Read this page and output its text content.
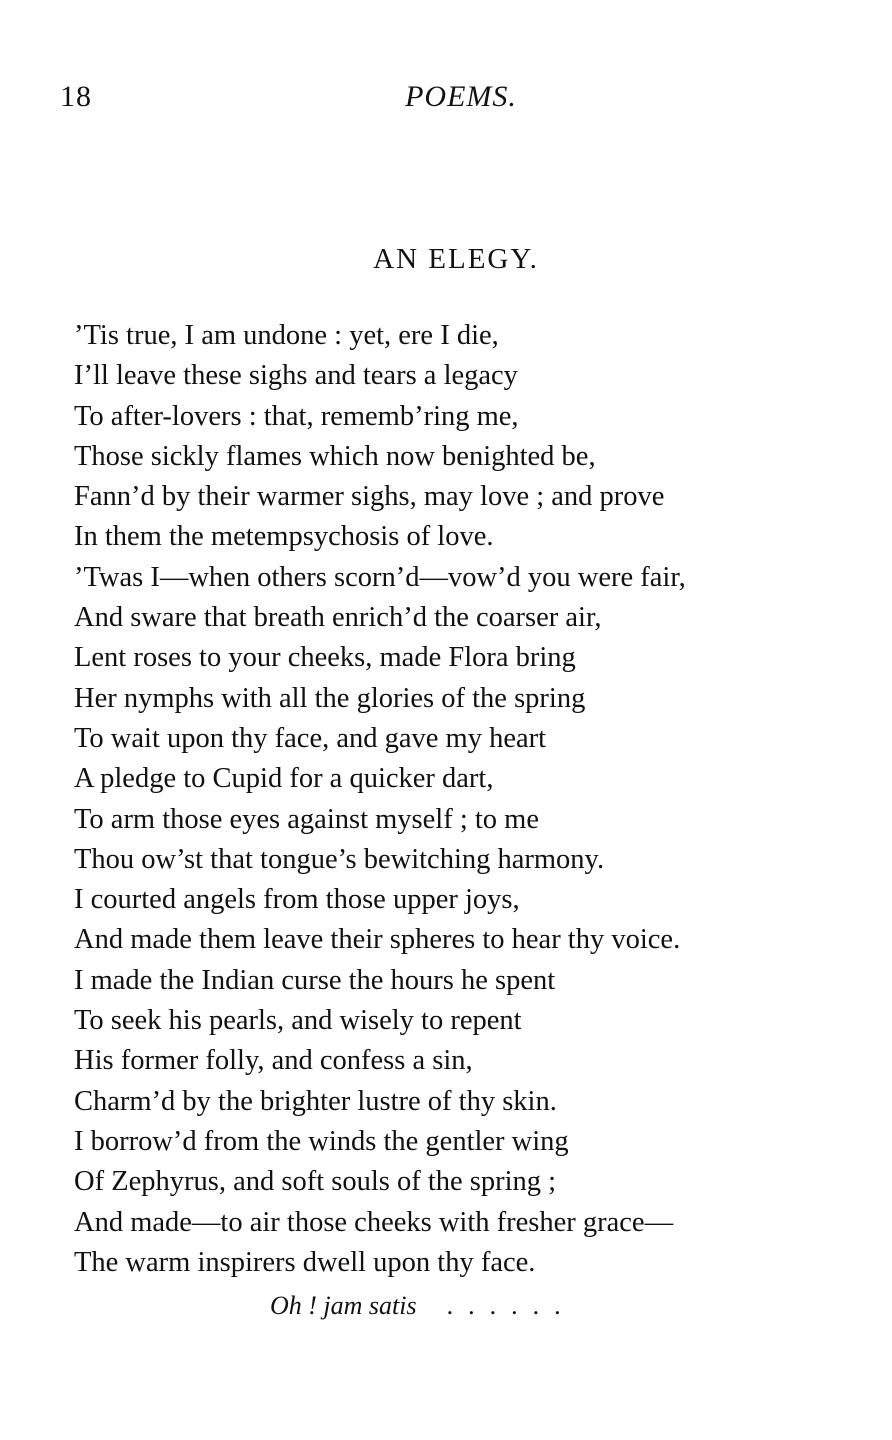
18	POEMS.
AN ELEGY.
’Tis true, I am undone : yet, ere I die,
I’ll leave these sighs and tears a legacy
To after-lovers : that, rememb’ring me,
Those sickly flames which now benighted be,
Fann’d by their warmer sighs, may love ; and prove
In them the metempsychosis of love.
’Twas I—when others scorn’d—vow’d you were fair,
And sware that breath enrich’d the coarser air,
Lent roses to your cheeks, made Flora bring
Her nymphs with all the glories of the spring
To wait upon thy face, and gave my heart
A pledge to Cupid for a quicker dart,
To arm those eyes against myself ; to me
Thou ow’st that tongue’s bewitching harmony.
I courted angels from those upper joys,
And made them leave their spheres to hear thy voice.
I made the Indian curse the hours he spent
To seek his pearls, and wisely to repent
His former folly, and confess a sin,
Charm’d by the brighter lustre of thy skin.
I borrow’d from the winds the gentler wing
Of Zephyrus, and soft souls of the spring ;
And made—to air those cheeks with fresher grace—
The warm inspirers dwell upon thy face.
Oh ! jam satis ......
